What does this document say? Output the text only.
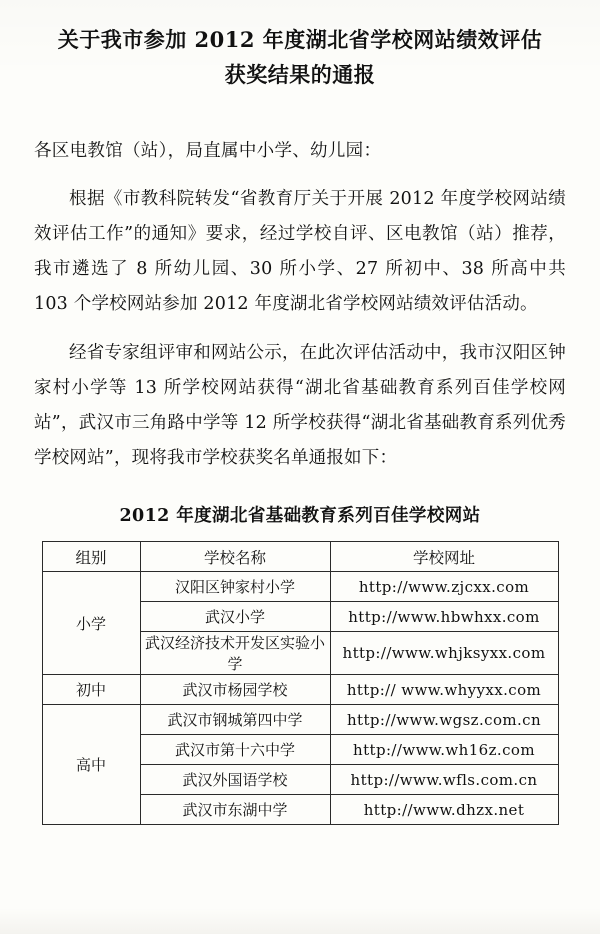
关于我市参加 2012 年度湖北省学校网站绩效评估
获奖结果的通报
各区电教馆（站），局直属中小学、幼儿园：
根据《市教科院转发“省教育厅关于开展 2012 年度学校网站绩效评估工作”的通知》要求，经过学校自评、区电教馆（站）推荐，我市遴选了 8 所幼儿园、30 所小学、27 所初中、38 所高中共 103 个学校网站参加 2012 年度湖北省学校网站绩效评估活动。
经省专家组评审和网站公示，在此次评估活动中，我市汉阳区钟家村小学等 13 所学校网站获得“湖北省基础教育系列百佳学校网站”，武汉市三角路中学等 12 所学校获得“湖北省基础教育系列优秀学校网站”，现将我市学校获奖名单通报如下：
2012 年度湖北省基础教育系列百佳学校网站
组别	学校名称	学校网址
小学	汉阳区钟家村小学	http://www.zjcxx.com
	武汉小学	http://www.hbwhxx.com
	武汉经济技术开发区实验小学	http://www.whjksyxx.com
初中	武汉市杨园学校	http:// www.whyyxx.com
高中	武汉市钢城第四中学	http://www.wgsz.com.cn
	武汉市第十六中学	http://www.wh16z.com
	武汉外国语学校	http://www.wfls.com.cn
	武汉市东湖中学	http://www.dhzx.net
